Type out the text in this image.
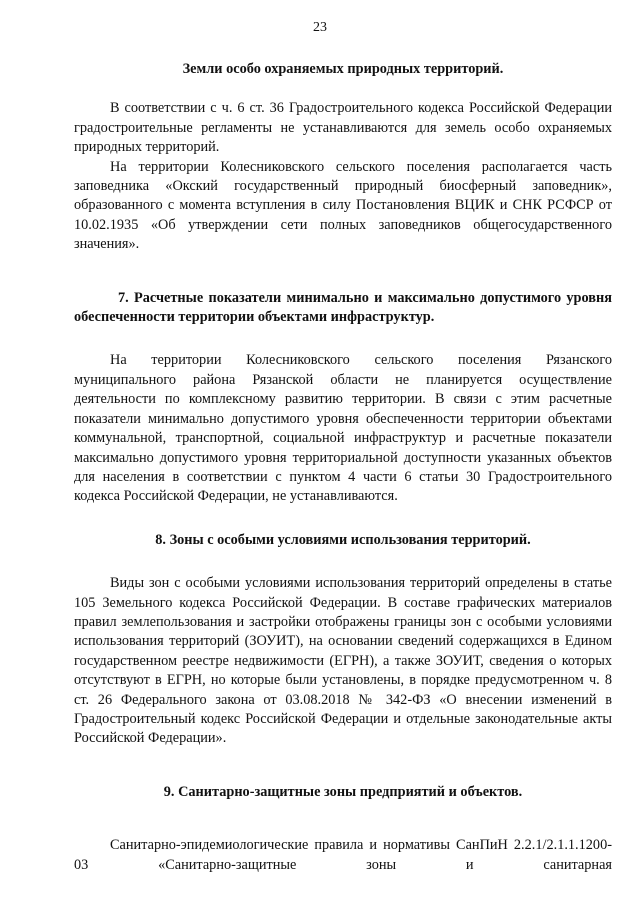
23
Земли особо охраняемых природных территорий.

В соответствии с ч. 6 ст. 36 Градостроительного кодекса Российской Федерации градостроительные регламенты не устанавливаются для земель особо охраняемых природных территорий.

На территории Колесниковского сельского поселения располагается часть заповедника «Окский государственный природный биосферный заповедник», образованного с момента вступления в силу Постановления ВЦИК и СНК РСФСР от 10.02.1935 «Об утверждении сети полных заповедников общегосударственного значения».

7. Расчетные показатели минимально и максимально допустимого уровня обеспеченности территории объектами инфраструктур.

На территории Колесниковского сельского поселения Рязанского муниципального района Рязанской области не планируется осуществление деятельности по комплексному развитию территории. В связи с этим расчетные показатели минимально допустимого уровня обеспеченности территории объектами коммунальной, транспортной, социальной инфраструктур и расчетные показатели максимально допустимого уровня территориальной доступности указанных объектов для населения в соответствии с пунктом 4 части 6 статьи 30 Градостроительного кодекса Российской Федерации, не устанавливаются.

8. Зоны с особыми условиями использования территорий.

Виды зон с особыми условиями использования территорий определены в статье 105 Земельного кодекса Российской Федерации. В составе графических материалов правил землепользования и застройки отображены границы зон с особыми условиями использования территорий (ЗОУИТ), на основании сведений содержащихся в Едином государственном реестре недвижимости (ЕГРН), а также ЗОУИТ, сведения о которых отсутствуют в ЕГРН, но которые были установлены, в порядке предусмотренном ч. 8 ст. 26 Федерального закона от 03.08.2018 № 342-ФЗ «О внесении изменений в Градостроительный кодекс Российской Федерации и отдельные законодательные акты Российской Федерации».

9. Санитарно-защитные зоны предприятий и объектов.

Санитарно-эпидемиологические правила и нормативы СанПиН 2.2.1/2.1.1.1200-03 «Санитарно-защитные зоны и санитарная
